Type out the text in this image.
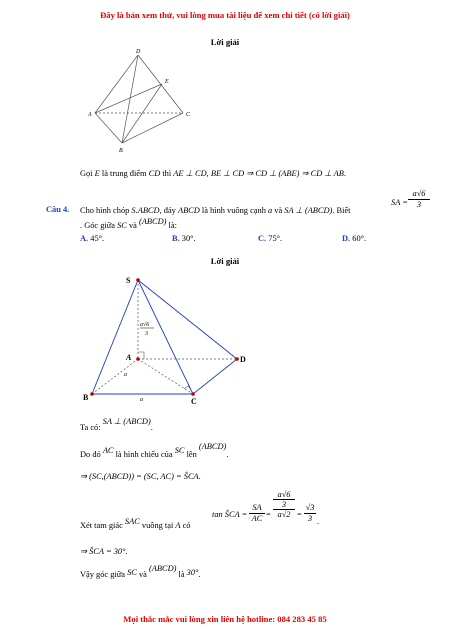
Đây là bản xem thử, vui lòng mua tài liệu để xem chi tiết (có lời giải)
Lời giải
D
E
A	C
B
Gọi E là trung điểm CD thì AE ⊥ CD, BE ⊥ CD ⇒ CD ⊥ (ABE) ⇒ CD ⊥ AB.
Câu 4. Cho hình chóp S.ABCD, đáy ABCD là hình vuông cạnh a và SA ⊥ (ABCD). Biết
SA =
a√6
3
. Góc giữa SC và (ABCD) là:
A. 45°.	B. 30°.	C. 75°.	D. 60°.
Lời giải
S
A
B	C
D
a
a
a√6
3
Ta có: SA ⊥ (ABCD).
Do đó AC là hình chiếu của SC lên (ABCD).
⇒ (SC,(ABCD)) = (SC, AC) = ŜCA.
Xét tam giác SAC vuông tại A có
tan ŜCA =
SA
AC =
a√6
3
a√2 =
√3
3 .
⇒ ŜCA = 30°.
Vậy góc giữa SC và (ABCD) là 30°.
Mọi thắc mắc vui lòng xin liên hệ hotline: 084 283 45 85
